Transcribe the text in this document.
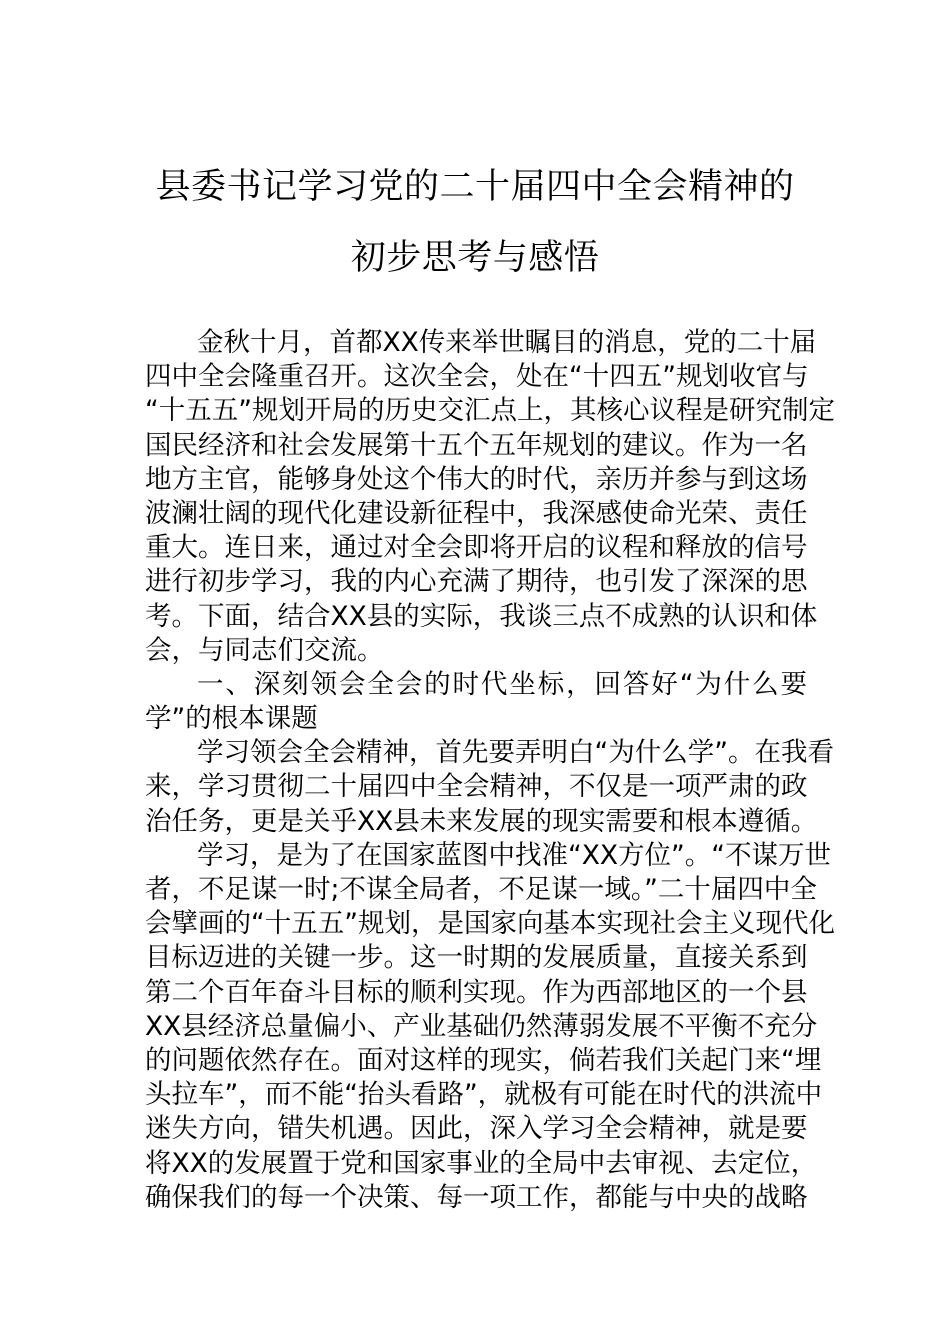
县委书记学习党的二十届四中全会精神的
初步思考与感悟
金秋十月，首都XX传来举世瞩目的消息，党的二十届
四中全会隆重召开。这次全会，处在“十四五”规划收官与
“十五五”规划开局的历史交汇点上，其核心议程是研究制定
国民经济和社会发展第十五个五年规划的建议。作为一名
地方主官，能够身处这个伟大的时代，亲历并参与到这场
波澜壮阔的现代化建设新征程中，我深感使命光荣、责任
重大。连日来，通过对全会即将开启的议程和释放的信号
进行初步学习，我的内心充满了期待，也引发了深深的思
考。下面，结合XX县的实际，我谈三点不成熟的认识和体
会，与同志们交流。
一、深刻领会全会的时代坐标，回答好“为什么要
学”的根本课题
学习领会全会精神，首先要弄明白“为什么学”。在我看
来，学习贯彻二十届四中全会精神，不仅是一项严肃的政
治任务，更是关乎XX县未来发展的现实需要和根本遵循。
学习，是为了在国家蓝图中找准“XX方位”。“不谋万世
者，不足谋一时;不谋全局者，不足谋一域。”二十届四中全
会擘画的“十五五”规划，是国家向基本实现社会主义现代化
目标迈进的关键一步。这一时期的发展质量，直接关系到
第二个百年奋斗目标的顺利实现。作为西部地区的一个县
XX县经济总量偏小、产业基础仍然薄弱发展不平衡不充分
的问题依然存在。面对这样的现实，倘若我们关起门来“埋
头拉车”，而不能“抬头看路”，就极有可能在时代的洪流中
迷失方向，错失机遇。因此，深入学习全会精神，就是要
将XX的发展置于党和国家事业的全局中去审视、去定位，
确保我们的每一个决策、每一项工作，都能与中央的战略
